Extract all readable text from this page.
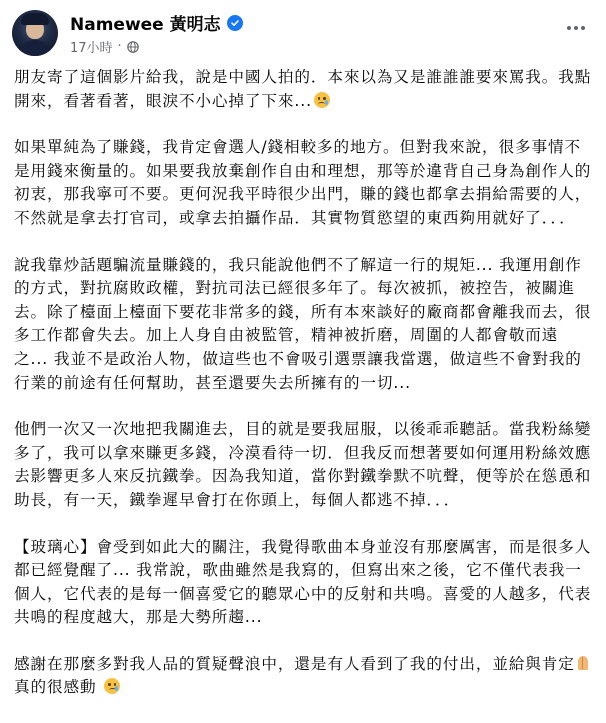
Namewee 黃明志
17小時 ·

朋友寄了這個影片給我，說是中國人拍的．本來以為又是誰誰誰要來罵我。我點開來，看著看著，眼淚不小心掉了下來...

如果單純為了賺錢，我肯定會選人/錢相較多的地方。但對我來說，很多事情不是用錢來衡量的。如果要我放棄創作自由和理想，那等於違背自己身為創作人的初衷，那我寧可不要。更何況我平時很少出門，賺的錢也都拿去捐給需要的人，不然就是拿去打官司，或拿去拍攝作品．其實物質慾望的東西夠用就好了．．．

說我靠炒話題騙流量賺錢的，我只能說他們不了解這一行的規矩... 我運用創作的方式，對抗腐敗政權，對抗司法已經很多年了。每次被抓，被控告，被關進去。除了檯面上檯面下要花非常多的錢，所有本來談好的廠商都會離我而去，很多工作都會失去。加上人身自由被監管，精神被折磨，周圍的人都會敬而遠之... 我並不是政治人物，做這些也不會吸引選票讓我當選，做這些不會對我的行業的前途有任何幫助，甚至還要失去所擁有的一切...

他們一次又一次地把我關進去，目的就是要我屈服，以後乖乖聽話。當我粉絲變多了，我可以拿來賺更多錢，冷漠看待一切．但我反而想著要如何運用粉絲效應去影響更多人來反抗鐵拳。因為我知道，當你對鐵拳默不吭聲，便等於在慫恿和助長，有一天，鐵拳遲早會打在你頭上，每個人都逃不掉．．．

【玻璃心】會受到如此大的關注，我覺得歌曲本身並沒有那麼厲害，而是很多人都已經覺醒了... 我常說，歌曲雖然是我寫的，但寫出來之後，它不僅代表我一個人，它代表的是每一個喜愛它的聽眾心中的反射和共鳴。喜愛的人越多，代表共鳴的程度越大，那是大勢所趨...

感謝在那麼多對我人品的質疑聲浪中，還是有人看到了我的付出，並給與肯定 真的很感動
